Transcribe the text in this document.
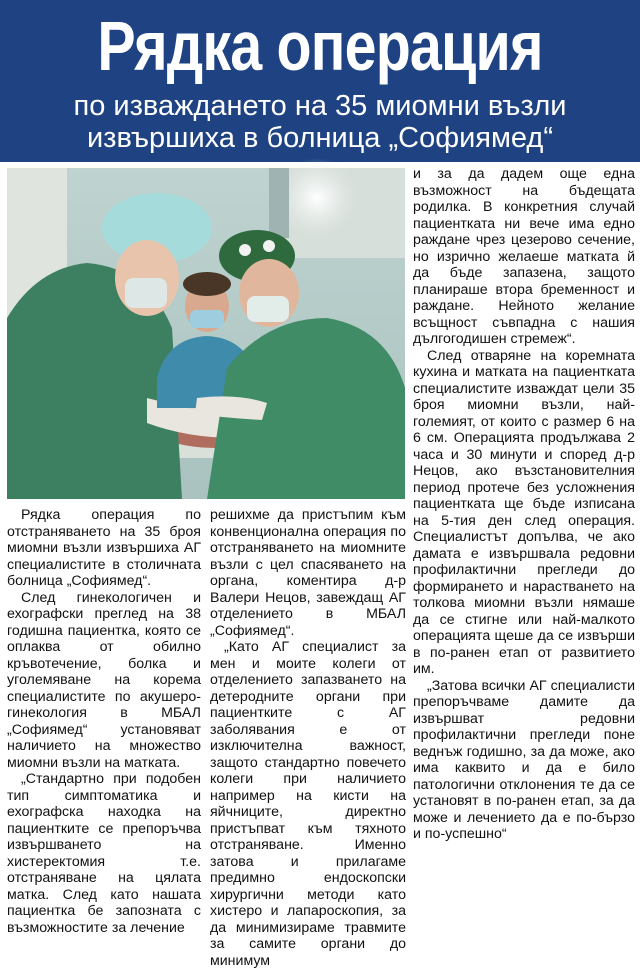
Рядка операция
по изваждането на 35 миомни възли
извършиха в болница „Софиямед“

Рядка операция по отстраняването на 35 броя миомни възли извършиха АГ специалистите в столичната болница „Софиямед“.

След гинекологичен и ехографски преглед на 38 годишна пациентка, която се оплаква от обилно кръвотечение, болка и уголемяване на корема специалистите по акушеро-гинекология в МБАЛ „Софиямед“ установяват наличието на множество миомни възли на матката.

„Стандартно при подобен тип симптоматика и ехографска находка на пациентките се препоръчва извършването на хистеректомия т.е. отстраняване на цялата матка. След като нашата пациентка бе запозната с възможностите за лечение

решихме да пристъпим към конвенционална операция по отстраняването на миомните възли с цел спасяването на органа, коментира д-р Валери Нецов, завеждащ АГ отделението в МБАЛ „Софиямед“.

„Като АГ специалист за мен и моите колеги от отделението запазването на детеродните органи при пациентките с АГ заболявания е от изключителна важност, защото стандартно повечето колеги при наличието например на кисти на яйчниците, директно пристъпват към тяхното отстраняване. Именно затова и прилагаме предимно ендоскопски хирургични методи като хистеро и лапароскопия, за да минимизираме травмите за самите органи до минимум

и за да дадем още една възможност на бъдещата родилка. В конкретния случай пациентката ни вече има едно раждане чрез цезерово сечение, но изрично желаеше матката й да бъде запазена, защото планираше втора бременност и раждане. Нейното желание всъщност съвпадна с нашия дългогодишен стремеж“.

След отваряне на коремната кухина и матката на пациентката специалистите изваждат цели 35 броя миомни възли, най-големият, от които с размер 6 на 6 см. Операцията продължава 2 часа и 30 минути и според д-р Нецов, ако възстановителния период протече без усложнения пациентката ще бъде изписана на 5-тия ден след операция. Специалистът допълва, че ако дамата е извършвала редовни профилактични прегледи до формирането и нарастването на толкова миомни възли нямаше да се стигне или най-малкото операцията щеше да се извърши в по-ранен етап от развитието им.

„Затова всички АГ специалисти препоръчваме дамите да извършват редовни профилактични прегледи поне веднъж годишно, за да може, ако има каквито и да е било патологични отклонения те да се установят в по-ранен етап, за да може и лечението да е по-бързо и по-успешно“
